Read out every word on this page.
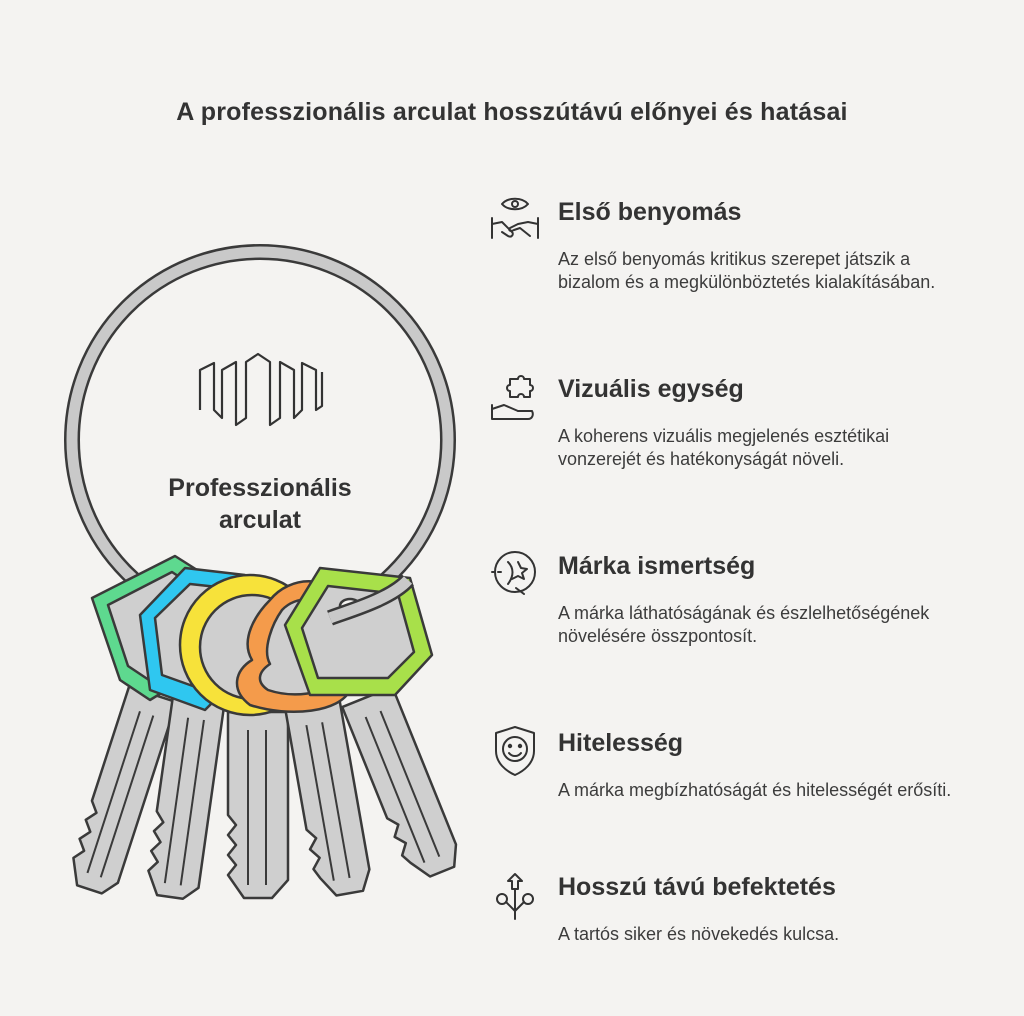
A professzionális arculat hosszútávú előnyei és hatásai
Professzionális
arculat
Első benyomás

Az első benyomás kritikus szerepet játszik a bizalom és a megkülönböztetés kialakításában.

Vizuális egység

A koherens vizuális megjelenés esztétikai vonzerejét és hatékonyságát növeli.

Márka ismertség

A márka láthatóságának és észlelhetőségének növelésére összpontosít.

Hitelesség

A márka megbízhatóságát és hitelességét erősíti.

Hosszú távú befektetés

A tartós siker és növekedés kulcsa.
